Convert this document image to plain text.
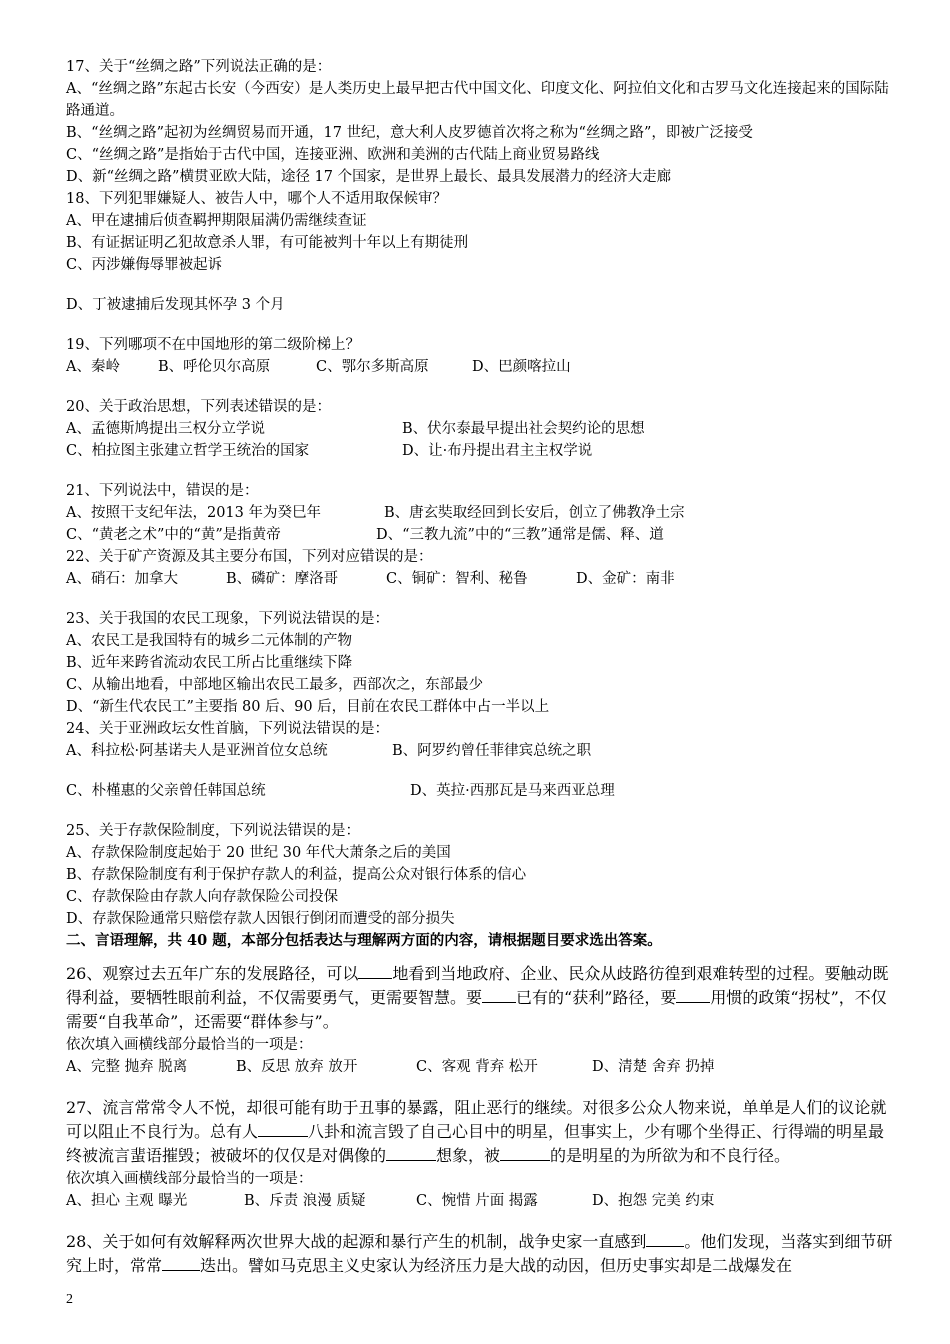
17、关于“丝绸之路”下列说法正确的是：
A、“丝绸之路”东起古长安（今西安）是人类历史上最早把古代中国文化、印度文化、阿拉伯文化和古罗马文化连接起来的国际陆路通道。
B、“丝绸之路”起初为丝绸贸易而开通，17 世纪，意大利人皮罗德首次将之称为“丝绸之路”，即被广泛接受
C、“丝绸之路”是指始于古代中国，连接亚洲、欧洲和美洲的古代陆上商业贸易路线
D、新“丝绸之路”横贯亚欧大陆，途径 17 个国家，是世界上最长、最具发展潜力的经济大走廊
18、下列犯罪嫌疑人、被告人中，哪个人不适用取保候审？
A、甲在逮捕后侦查羁押期限届满仍需继续查证
B、有证据证明乙犯故意杀人罪，有可能被判十年以上有期徒刑
C、丙涉嫌侮辱罪被起诉
D、丁被逮捕后发现其怀孕 3 个月
19、下列哪项不在中国地形的第二级阶梯上？
A、秦岭	B、呼伦贝尔高原	C、鄂尔多斯高原	D、巴颜喀拉山
20、关于政治思想，下列表述错误的是：
A、孟德斯鸠提出三权分立学说	B、伏尔泰最早提出社会契约论的思想
C、柏拉图主张建立哲学王统治的国家	D、让·布丹提出君主主权学说
21、下列说法中，错误的是：
A、按照干支纪年法，2013 年为癸巳年	B、唐玄奘取经回到长安后，创立了佛教净土宗
C、“黄老之术”中的“黄”是指黄帝	D、“三教九流”中的“三教”通常是儒、释、道
22、关于矿产资源及其主要分布国，下列对应错误的是：
A、硝石：加拿大	B、磷矿：摩洛哥	C、铜矿：智利、秘鲁	D、金矿：南非
23、关于我国的农民工现象，下列说法错误的是：
A、农民工是我国特有的城乡二元体制的产物
B、近年来跨省流动农民工所占比重继续下降
C、从输出地看，中部地区输出农民工最多，西部次之，东部最少
D、“新生代农民工”主要指 80 后、90 后，目前在农民工群体中占一半以上
24、关于亚洲政坛女性首脑，下列说法错误的是：
A、科拉松·阿基诺夫人是亚洲首位女总统	B、阿罗约曾任菲律宾总统之职
C、朴槿惠的父亲曾任韩国总统	D、英拉·西那瓦是马来西亚总理
25、关于存款保险制度，下列说法错误的是：
A、存款保险制度起始于 20 世纪 30 年代大萧条之后的美国
B、存款保险制度有利于保护存款人的利益，提高公众对银行体系的信心
C、存款保险由存款人向存款保险公司投保
D、存款保险通常只赔偿存款人因银行倒闭而遭受的部分损失
二、言语理解，共 40 题，本部分包括表达与理解两方面的内容，请根据题目要求选出答案。
26、观察过去五年广东的发展路径，可以 地看到当地政府、企业、民众从歧路彷徨到艰难转型的过程。要触动既得利益，要牺牲眼前利益，不仅需要勇气，更需要智慧。要 已有的“获利”路径，要 用惯的政策“拐杖”，不仅需要“自我革命”，还需要“群体参与”。
依次填入画横线部分最恰当的一项是：
A、完整 抛弃 脱离	B、反思 放弃 放开	C、客观 背弃 松开	D、清楚 舍弃 扔掉
27、流言常常令人不悦，却很可能有助于丑事的暴露，阻止恶行的继续。对很多公众人物来说，单单是人们的议论就可以阻止不良行为。总有人	八卦和流言毁了自己心目中的明星，但事实上，少有哪个坐得正、行得端的明星最终被流言蜚语摧毁；被破坏的仅仅是对偶像的	想象，被	的是明星的为所欲为和不良行径。
依次填入画横线部分最恰当的一项是：
A、担心 主观 曝光	B、斥责 浪漫 质疑	C、惋惜 片面 揭露	D、抱怨 完美 约束
28、关于如何有效解释两次世界大战的起源和暴行产生的机制，战争史家一直感到 。他们发现，当落实到细节研究上时，常常 迭出。譬如马克思主义史家认为经济压力是大战的动因，但历史事实却是二战爆发在
2
